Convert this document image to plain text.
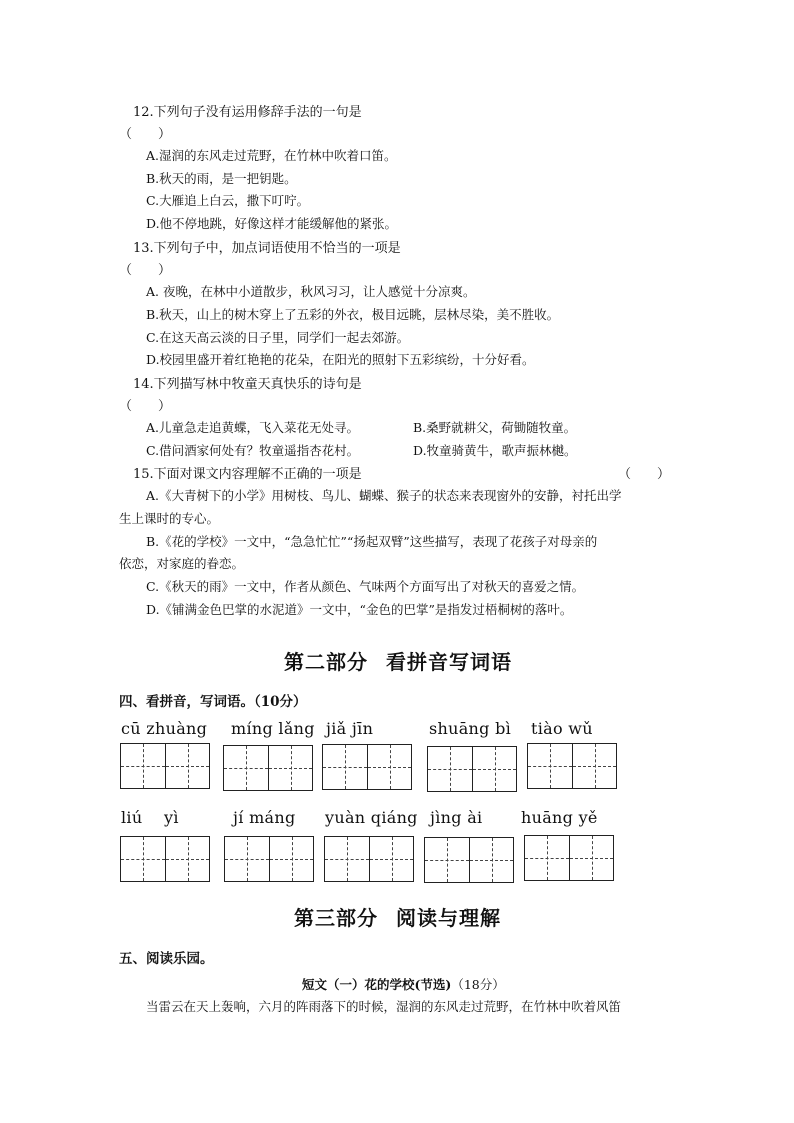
12.下列句子没有运用修辞手法的一句是
（　　）
A.湿润的东风走过荒野，在竹林中吹着口笛。
B.秋天的雨，是一把钥匙。
C.大雁追上白云，撒下叮咛。
D.他不停地跳，好像这样才能缓解他的紧张。
13.下列句子中，加点词语使用不恰当的一项是
（　　）
A. 夜晚，在林中小道散步，秋风习习，让人感觉十分凉爽。
B.秋天，山上的树木穿上了五彩的外衣，极目远眺，层林尽染，美不胜收。
C.在这天高云淡的日子里，同学们一起去郊游。
D.校园里盛开着红艳艳的花朵，在阳光的照射下五彩缤纷，十分好看。
14.下列描写林中牧童天真快乐的诗句是
（　　）
A.儿童急走追黄蝶，飞入菜花无处寻。	B.桑野就耕父，荷锄随牧童。
C.借问酒家何处有？牧童遥指杏花村。	D.牧童骑黄牛，歌声振林樾。
15.下面对课文内容理解不正确的一项是	（　　）
A.《大青树下的小学》用树枝、鸟儿、蝴蝶、猴子的状态来表现窗外的安静，衬托出学
生上课时的专心。
B.《花的学校》一文中，“急急忙忙”“扬起双臂”这些描写，表现了花孩子对母亲的
依恋，对家庭的眷恋。
C.《秋天的雨》一文中，作者从颜色、气味两个方面写出了对秋天的喜爱之情。
D.《铺满金色巴掌的水泥道》一文中，“金色的巴掌”是指发过梧桐树的落叶。
第二部分 看拼音写词语
四、看拼音，写词语。（10分）
cū zhuàng míng lǎng jiǎ jīn	shuāng bì tiào wǔ
liú    yì	jí máng yuàn qiáng jìng ài huāng yě
第三部分 阅读与理解
五、阅读乐园。
短文（一）花的学校(节选)（18分）
当雷云在天上轰响，六月的阵雨落下的时候，湿润的东风走过荒野，在竹林中吹着风笛
